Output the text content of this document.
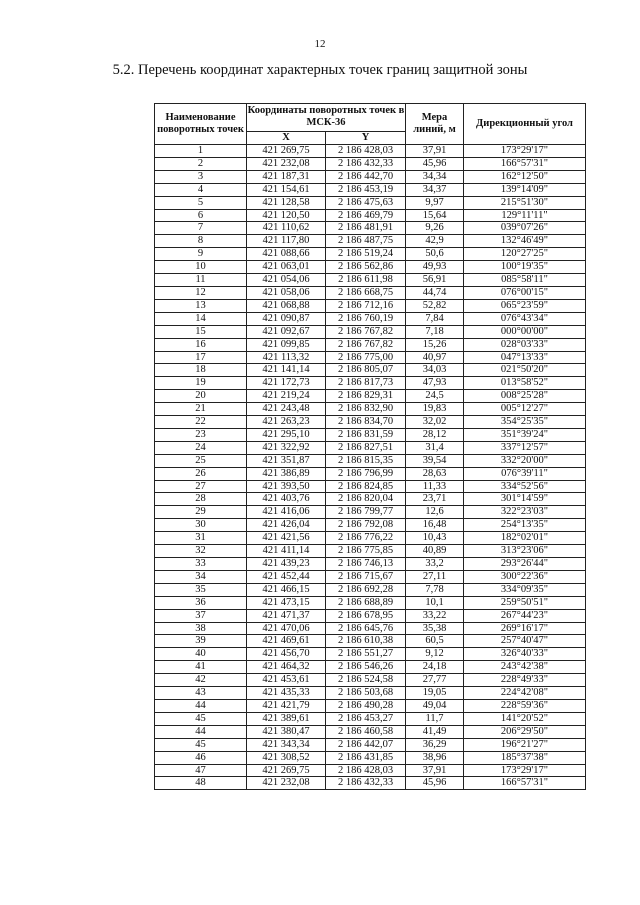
12
5.2. Перечень координат характерных точек границ защитной зоны
Наименование поворотных точек	Координаты поворотных точек в МСК-36		Мера линий, м	Дирекционный угол
	X	Y		
1	421 269,75	2 186 428,03	37,91	173°29'17"
2	421 232,08	2 186 432,33	45,96	166°57'31"
3	421 187,31	2 186 442,70	34,34	162°12'50"
4	421 154,61	2 186 453,19	34,37	139°14'09"
5	421 128,58	2 186 475,63	9,97	215°51'30"
6	421 120,50	2 186 469,79	15,64	129°11'11"
7	421 110,62	2 186 481,91	9,26	039°07'26"
8	421 117,80	2 186 487,75	42,9	132°46'49"
9	421 088,66	2 186 519,24	50,6	120°27'25"
10	421 063,01	2 186 562,86	49,93	100°19'35"
11	421 054,06	2 186 611,98	56,91	085°58'11"
12	421 058,06	2 186 668,75	44,74	076°00'15"
13	421 068,88	2 186 712,16	52,82	065°23'59"
14	421 090,87	2 186 760,19	7,84	076°43'34"
15	421 092,67	2 186 767,82	7,18	000°00'00"
16	421 099,85	2 186 767,82	15,26	028°03'33"
17	421 113,32	2 186 775,00	40,97	047°13'33"
18	421 141,14	2 186 805,07	34,03	021°50'20"
19	421 172,73	2 186 817,73	47,93	013°58'52"
20	421 219,24	2 186 829,31	24,5	008°25'28"
21	421 243,48	2 186 832,90	19,83	005°12'27"
22	421 263,23	2 186 834,70	32,02	354°25'35"
23	421 295,10	2 186 831,59	28,12	351°39'24"
24	421 322,92	2 186 827,51	31,4	337°12'57"
25	421 351,87	2 186 815,35	39,54	332°20'00"
26	421 386,89	2 186 796,99	28,63	076°39'11"
27	421 393,50	2 186 824,85	11,33	334°52'56"
28	421 403,76	2 186 820,04	23,71	301°14'59"
29	421 416,06	2 186 799,77	12,6	322°23'03"
30	421 426,04	2 186 792,08	16,48	254°13'35"
31	421 421,56	2 186 776,22	10,43	182°02'01"
32	421 411,14	2 186 775,85	40,89	313°23'06"
33	421 439,23	2 186 746,13	33,2	293°26'44"
34	421 452,44	2 186 715,67	27,11	300°22'36"
35	421 466,15	2 186 692,28	7,78	334°09'35"
36	421 473,15	2 186 688,89	10,1	259°50'51"
37	421 471,37	2 186 678,95	33,22	267°44'23"
38	421 470,06	2 186 645,76	35,38	269°16'17"
39	421 469,61	2 186 610,38	60,5	257°40'47"
40	421 456,70	2 186 551,27	9,12	326°40'33"
41	421 464,32	2 186 546,26	24,18	243°42'38"
42	421 453,61	2 186 524,58	27,77	228°49'33"
43	421 435,33	2 186 503,68	19,05	224°42'08"
44	421 421,79	2 186 490,28	49,04	228°59'36"
45	421 389,61	2 186 453,27	11,7	141°20'52"
44	421 380,47	2 186 460,58	41,49	206°29'50"
45	421 343,34	2 186 442,07	36,29	196°21'27"
46	421 308,52	2 186 431,85	38,96	185°37'38"
47	421 269,75	2 186 428,03	37,91	173°29'17"
48	421 232,08	2 186 432,33	45,96	166°57'31"
